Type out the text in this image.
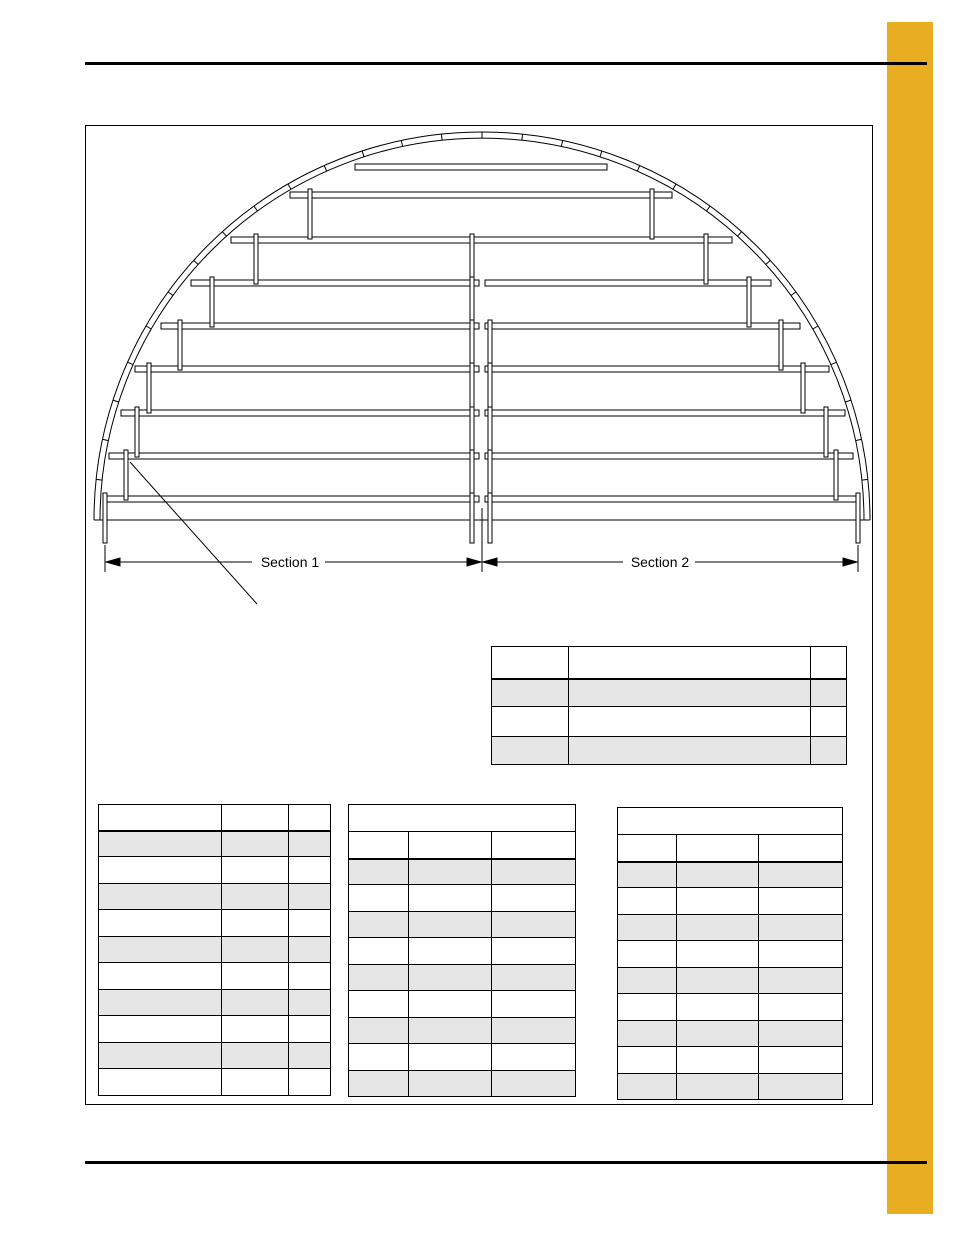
Section 1	Section 2
